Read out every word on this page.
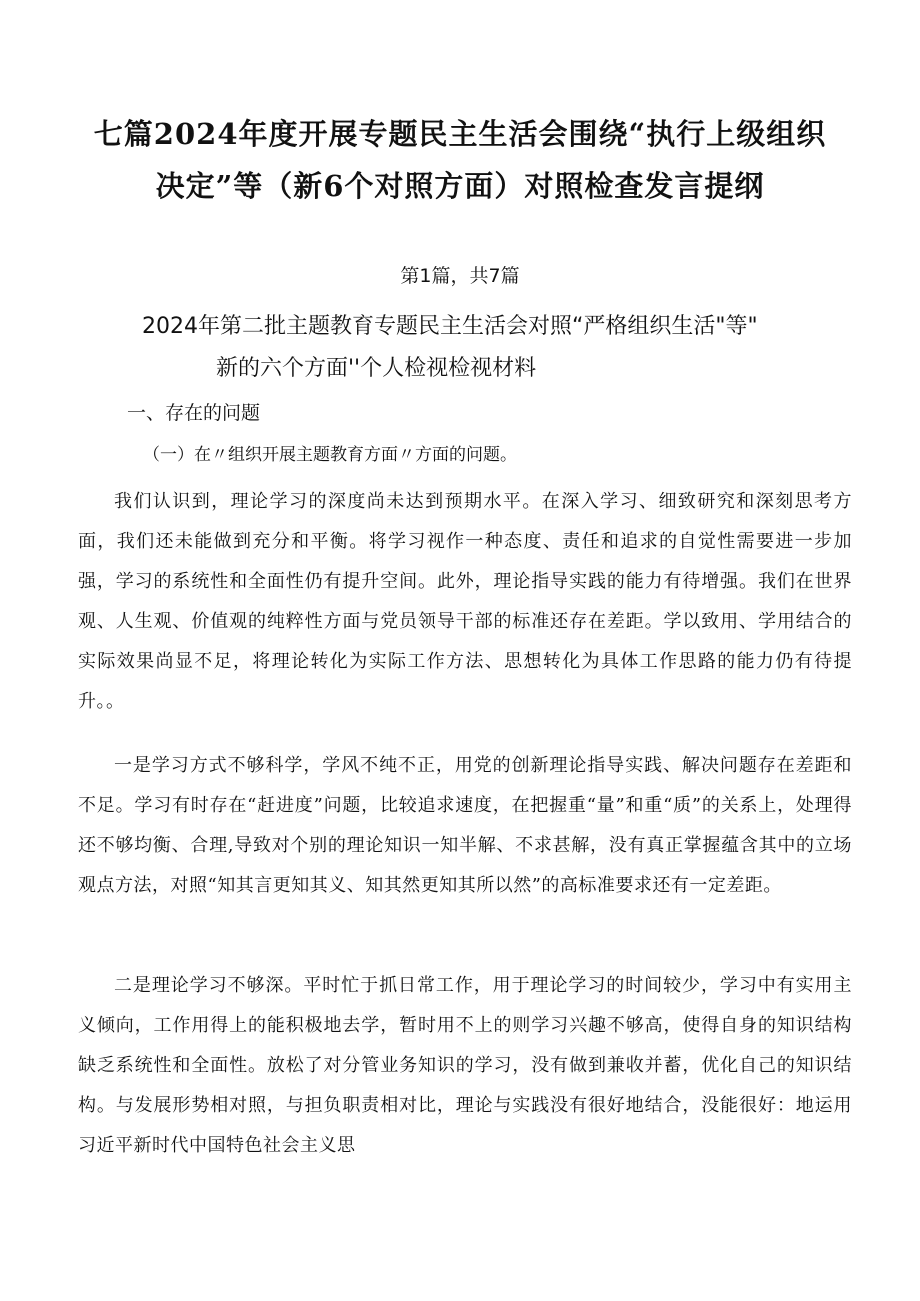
七篇2024年度开展专题民主生活会围绕“执行上级组织
决定”等（新6个对照方面）对照检查发言提纲
第1篇，共7篇
2024年第二批主题教育专题民主生活会对照“严格组织生活"等"
新的六个方面''个人检视检视材料
一、存在的问题
（一）在〃组织开展主题教育方面〃方面的问题。

我们认识到，理论学习的深度尚未达到预期水平。在深入学习、细致研究和深刻思考方面，我们还未能做到充分和平衡。将学习视作一种态度、责任和追求的自觉性需要进一步加强，学习的系统性和全面性仍有提升空间。此外，理论指导实践的能力有待增强。我们在世界观、人生观、价值观的纯粹性方面与党员领导干部的标准还存在差距。学以致用、学用结合的实际效果尚显不足，将理论转化为实际工作方法、思想转化为具体工作思路的能力仍有待提升。。

一是学习方式不够科学，学风不纯不正，用党的创新理论指导实践、解决问题存在差距和不足。学习有时存在“赶进度”问题，比较追求速度，在把握重“量”和重“质”的关系上，处理得还不够均衡、合理,导致对个别的理论知识一知半解、不求甚解，没有真正掌握蕴含其中的立场观点方法，对照“知其言更知其义、知其然更知其所以然”的高标准要求还有一定差距。

二是理论学习不够深。平时忙于抓日常工作，用于理论学习的时间较少，学习中有实用主义倾向，工作用得上的能积极地去学，暂时用不上的则学习兴趣不够高，使得自身的知识结构缺乏系统性和全面性。放松了对分管业务知识的学习，没有做到兼收并蓄，优化自己的知识结构。与发展形势相对照，与担负职责相对比，理论与实践没有很好地结合，没能很好：地运用习近平新时代中国特色社会主义思
